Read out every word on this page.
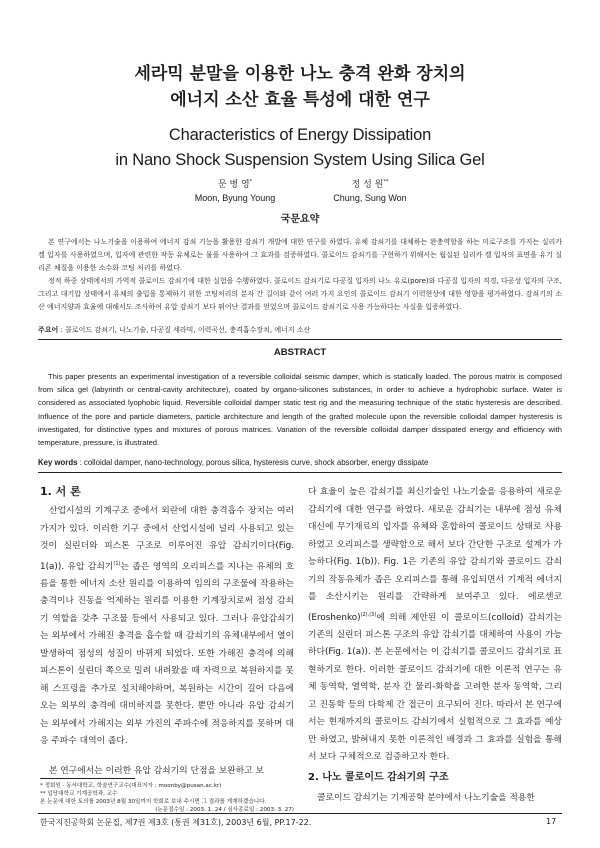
세라믹 분말을 이용한 나노 충격 완화 장치의
에너지 소산 효율 특성에 대한 연구
Characteristics of Energy Dissipation
in Nano Shock Suspension System Using Silica Gel
문 병 영*
Moon, Byung Young
정 성 원**
Chung, Sung Won
국문요약
본 연구에서는 나노기술을 이용하여 에너지 감쇠 기능을 활용한 감쇠기 개발에 대한 연구를 하였다. 유체 감쇠기를 대체하는 완충역할을 하는 미로구조를 가지는 실리카 겔 입자를 사용하였으며, 입자에 관련한 작동 유체로는 물을 사용하여 그 효과를 검증하였다. 콜로이드 감쇠기를 구현하기 위해서는 웜실된 실리카 겔 입자의 표면을 유기 실리콘 체질을 이용한 소수화 코팅 처리를 하였다.
정적 하중 상태에서의 가역적 콜로이드 감쇠기에 대한 실험을 수행하였다. 콜로이드 감쇠기로 다공질 입자의 나노 유로(pore)와 다공질 입자의 직경, 다공성 입자의 구조, 그리고 대기압 상태에서 유체의 출입을 통제하기 위한 코팅처리의 분자 간 길이와 같이 여러 가지 요인의 콜로이드 감쇠기 이력현상에 대한 영향을 평가하였다. 감쇠기의 소산 에너지양과 효율에 대해서도 조사하여 유압 감쇠기 보다 뛰어난 결과를 얻었으며 콜로이드 감쇠기로 사용 가능하다는 사실을 입증하였다.
주요어 : 콜로이드 감쇠기, 나노기술, 다공질 세라믹, 이력곡선, 충격흡수장치, 에너지 소산
ABSTRACT
This paper presents an experimental investigation of a reversible colloidal seismic damper, which is statically loaded. The porous matrix is composed from silica gel (labyrinth or central-cavity architecture), coated by organo-silicones substances, in order to achieve a hydrophobic surface. Water is considered as associated lyophobic liquid. Reversible colloidal damper static test rig and the measuring technique of the static hysteresis are described. Influence of the pore and particle diameters, particle architecture and length of the grafted molecule upon the reversible colloidal damper hysteresis is investigated, for distinctive types and mixtures of porous matrices. Variation of the reversible colloidal damper dissipated energy and efficiency with temperature, pressure, is illustrated.
Key words : colloidal damper, nano-technology, porous silica, hysteresis curve, shock absorber, energy dissipate
1. 서 론
산업시설의 기계구조 중에서 외란에 대한 충격흡수 장치는 여러 가지가 있다. 이러한 기구 중에서 산업시설에 널리 사용되고 있는 것이 실린더와 피스톤 구조로 이루어진 유압 감쇠기이다(Fig. 1(a)). 유압 감쇠기$^{(1)}$는 좁은 영역의 오리피스를 지나는 유체의 흐름을 통한 에너지 소산 원리를 이용하여 임의의 구조물에 작용하는 충격이나 진동을 억제하는 원리를 이용한 기계장치로써 점성 감쇠기 역할을 갖추 구조물 등에서 사용되고 있다. 그러나 유압감쇠기는 외부에서 가해진 충격을 흡수할 때 감쇠기의 유체내부에서 열이 발생하여 점성의 성질이 바뀌게 되었다. 또한 가해진 충격에 의해 피스톤이 실린더 쪽으로 밀려 내려왔을 때 자력으로 복원하지를 못해 스프링을 추가로 설치해야하며, 복원하는 시간이 길어 다음에 오는 외부의 충격에 대비하지를 못한다. 뿐만 아니라 유압 감쇠기는 외부에서 가해지는 외부 가진의 주파수에 적응하지를 못하며 대응 주파수 대역이 좁다.
본 연구에서는 이러한 유압 감쇠기의 단점을 보완하고 보
* 정회원 · 동서대학교, 학술연구교수(대표저자 : moonby@pusan.ac.kr)
** 입당대학교 기계공학과, 교수
본 논문에 대한 토의를 2003년 8월 30일까지 학회로 보내 주시면 그 결과를 게재하겠습니다.
(논문접수일 : 2003. 1. 24 / 심사종료일 : 2003. 3. 27)
다 효율이 높은 감쇠기를 최신기술인 나노기술을 응용하여 새로운 감쇠기에 대한 연구를 하였다. 새로운 감쇠기는 내부에 점성 유체 대신에 무기재료의 입자를 유체와 혼합하여 콜로이드 상태로 사용하였고 오리피스를 생략함으로 해서 보다 간단한 구조로 설계가 가능하다(Fig. 1(b)). Fig. 1은 기존의 유압 감쇠기와 콜로이드 감쇠기의 작동유체가 좁은 오리피스를 통해 유입되면서 기계적 에너지를 소산시키는 원리를 간략하게 보여주고 있다. 에로센코(Eroshenko)$^{(2),(3)}$에 의해 제안된 이 콜로이드(colloid) 감쇠기는 기존의 실린더 피스톤 구조의 유압 감쇠기를 대체하여 사용이 가능하다(Fig. 1(a)). 본 논문에서는 이 감쇠기를 콜로이드 감쇠기로 표현하기로 한다. 이러한 콜로이드 감쇠기에 대한 이론적 연구는 유체 동역학, 열역학, 분자 간 물리-화학을 고려한 분자 동역학, 그리고 진동학 등의 다학제 간 접근이 요구되어 진다. 따라서 본 연구에서는 현재까지의 콜로이드 감쇠기에서 실험적으로 그 효과를 예상만 하였고, 밝혀내지 못한 이론적인 배경과 그 효과를 실험을 통해서 보다 구체적으로 검증하고자 한다.
2. 나노 콜로이드 감쇠기의 구조
콜로이드 감쇠기는 기계공학 분야에서 나노기술을 적용한
한국지진공학회 논문집, 제7권 제3호 (통권 제31호), 2003년 6월, PP.17-22.	17
